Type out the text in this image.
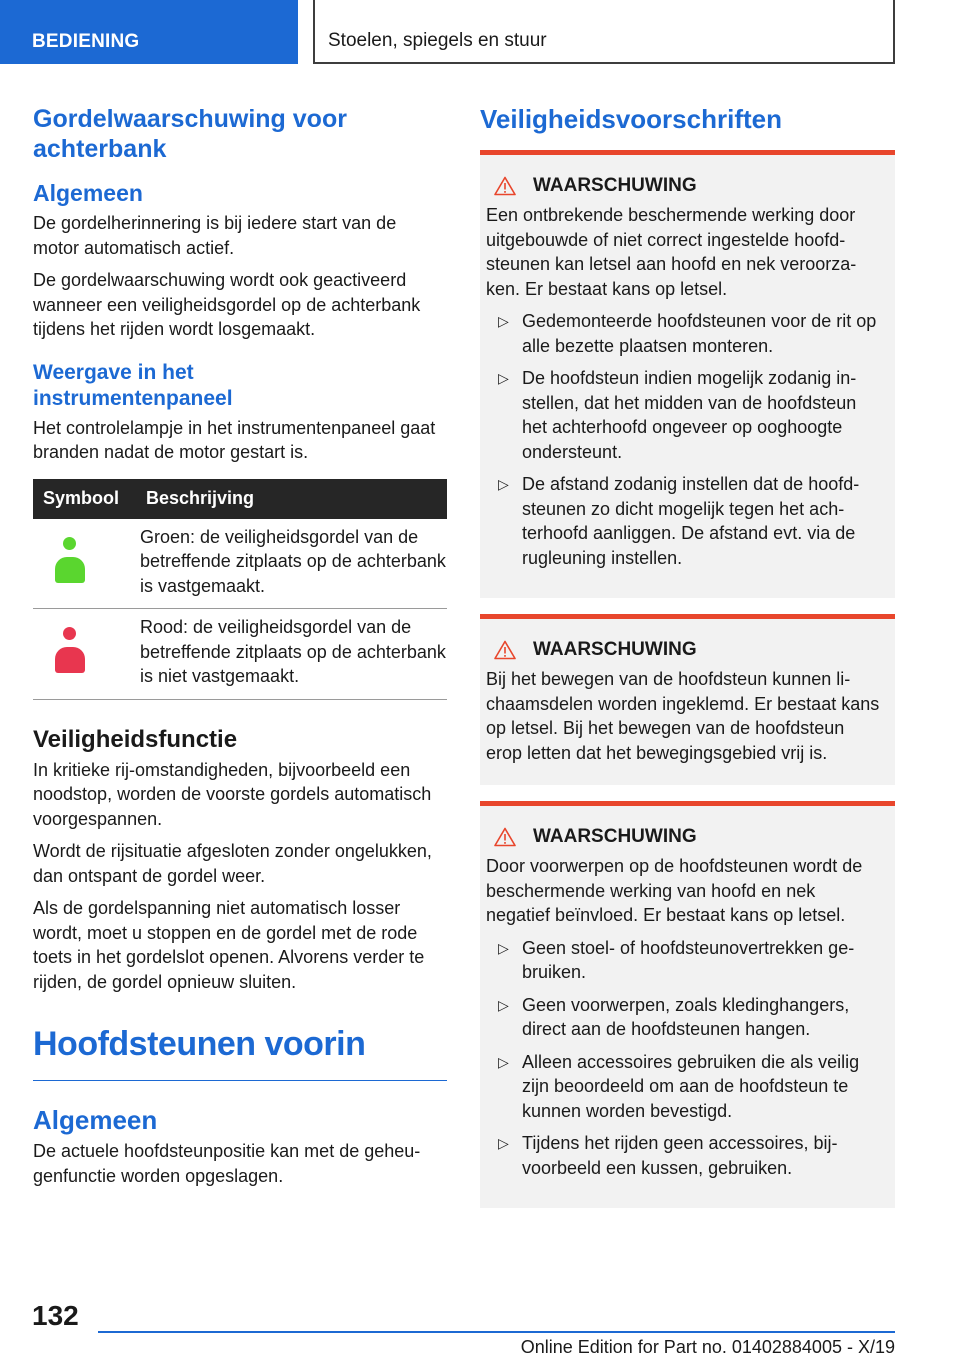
BEDIENING	Stoelen, spiegels en stuur
Gordelwaarschuwing voor achterbank
Algemeen

De gordelherinnering is bij iedere start van de motor automatisch actief.

De gordelwaarschuwing wordt ook geactiveerd wanneer een veiligheidsgordel op de achterbank tijdens het rijden wordt losgemaakt.

Weergave in het instrumentenpaneel

Het controlelampje in het instrumentenpaneel gaat branden nadat de motor gestart is.

Symbool	Beschrijving

	Groen: de veiligheidsgordel van de betreffende zitplaats op de achterbank is vastgemaakt.

	Rood: de veiligheidsgordel van de betreffende zitplaats op de achterbank is niet vastgemaakt.
Veiligheidsfunctie

In kritieke rij-omstandigheden, bijvoorbeeld een noodstop, worden de voorste gordels automatisch voorgespannen.

Wordt de rijsituatie afgesloten zonder ongelukken, dan ontspant de gordel weer.

Als de gordelspanning niet automatisch losser wordt, moet u stoppen en de gordel met de rode toets in het gordelslot openen. Alvorens verder te rijden, de gordel opnieuw sluiten.

Hoofdsteunen voorin
Algemeen

De actuele hoofdsteunpositie kan met de geheugenfunctie worden opgeslagen.

Veiligheidsvoorschriften
WAARSCHUWING

Een ontbrekende beschermende werking door uitgebouwde of niet correct ingestelde hoofdsteunen kan letsel aan hoofd en nek veroorzaken. Er bestaat kans op letsel.

▷ Gedemonteerde hoofdsteunen voor de rit op alle bezette plaatsen monteren.
▷ De hoofdsteun indien mogelijk zodanig instellen, dat het midden van de hoofdsteun het achterhoofd ongeveer op ooghoogte ondersteunt.
▷ De afstand zodanig instellen dat de hoofdsteunen zo dicht mogelijk tegen het achterhoofd aanliggen. De afstand evt. via de rugleuning instellen.
WAARSCHUWING

Bij het bewegen van de hoofdsteun kunnen lichaamsdelen worden ingeklemd. Er bestaat kans op letsel. Bij het bewegen van de hoofdsteun erop letten dat het bewegingsgebied vrij is.

WAARSCHUWING

Door voorwerpen op de hoofdsteunen wordt de beschermende werking van hoofd en nek negatief beïnvloed. Er bestaat kans op letsel.

▷ Geen stoel- of hoofdsteunovertrekken gebruiken.
▷ Geen voorwerpen, zoals kledinghangers, direct aan de hoofdsteunen hangen.
▷ Alleen accessoires gebruiken die als veilig zijn beoordeeld om aan de hoofdsteun te kunnen worden bevestigd.
▷ Tijdens het rijden geen accessoires, bijvoorbeeld een kussen, gebruiken.
132
Online Edition for Part no. 01402884005 - X/19
